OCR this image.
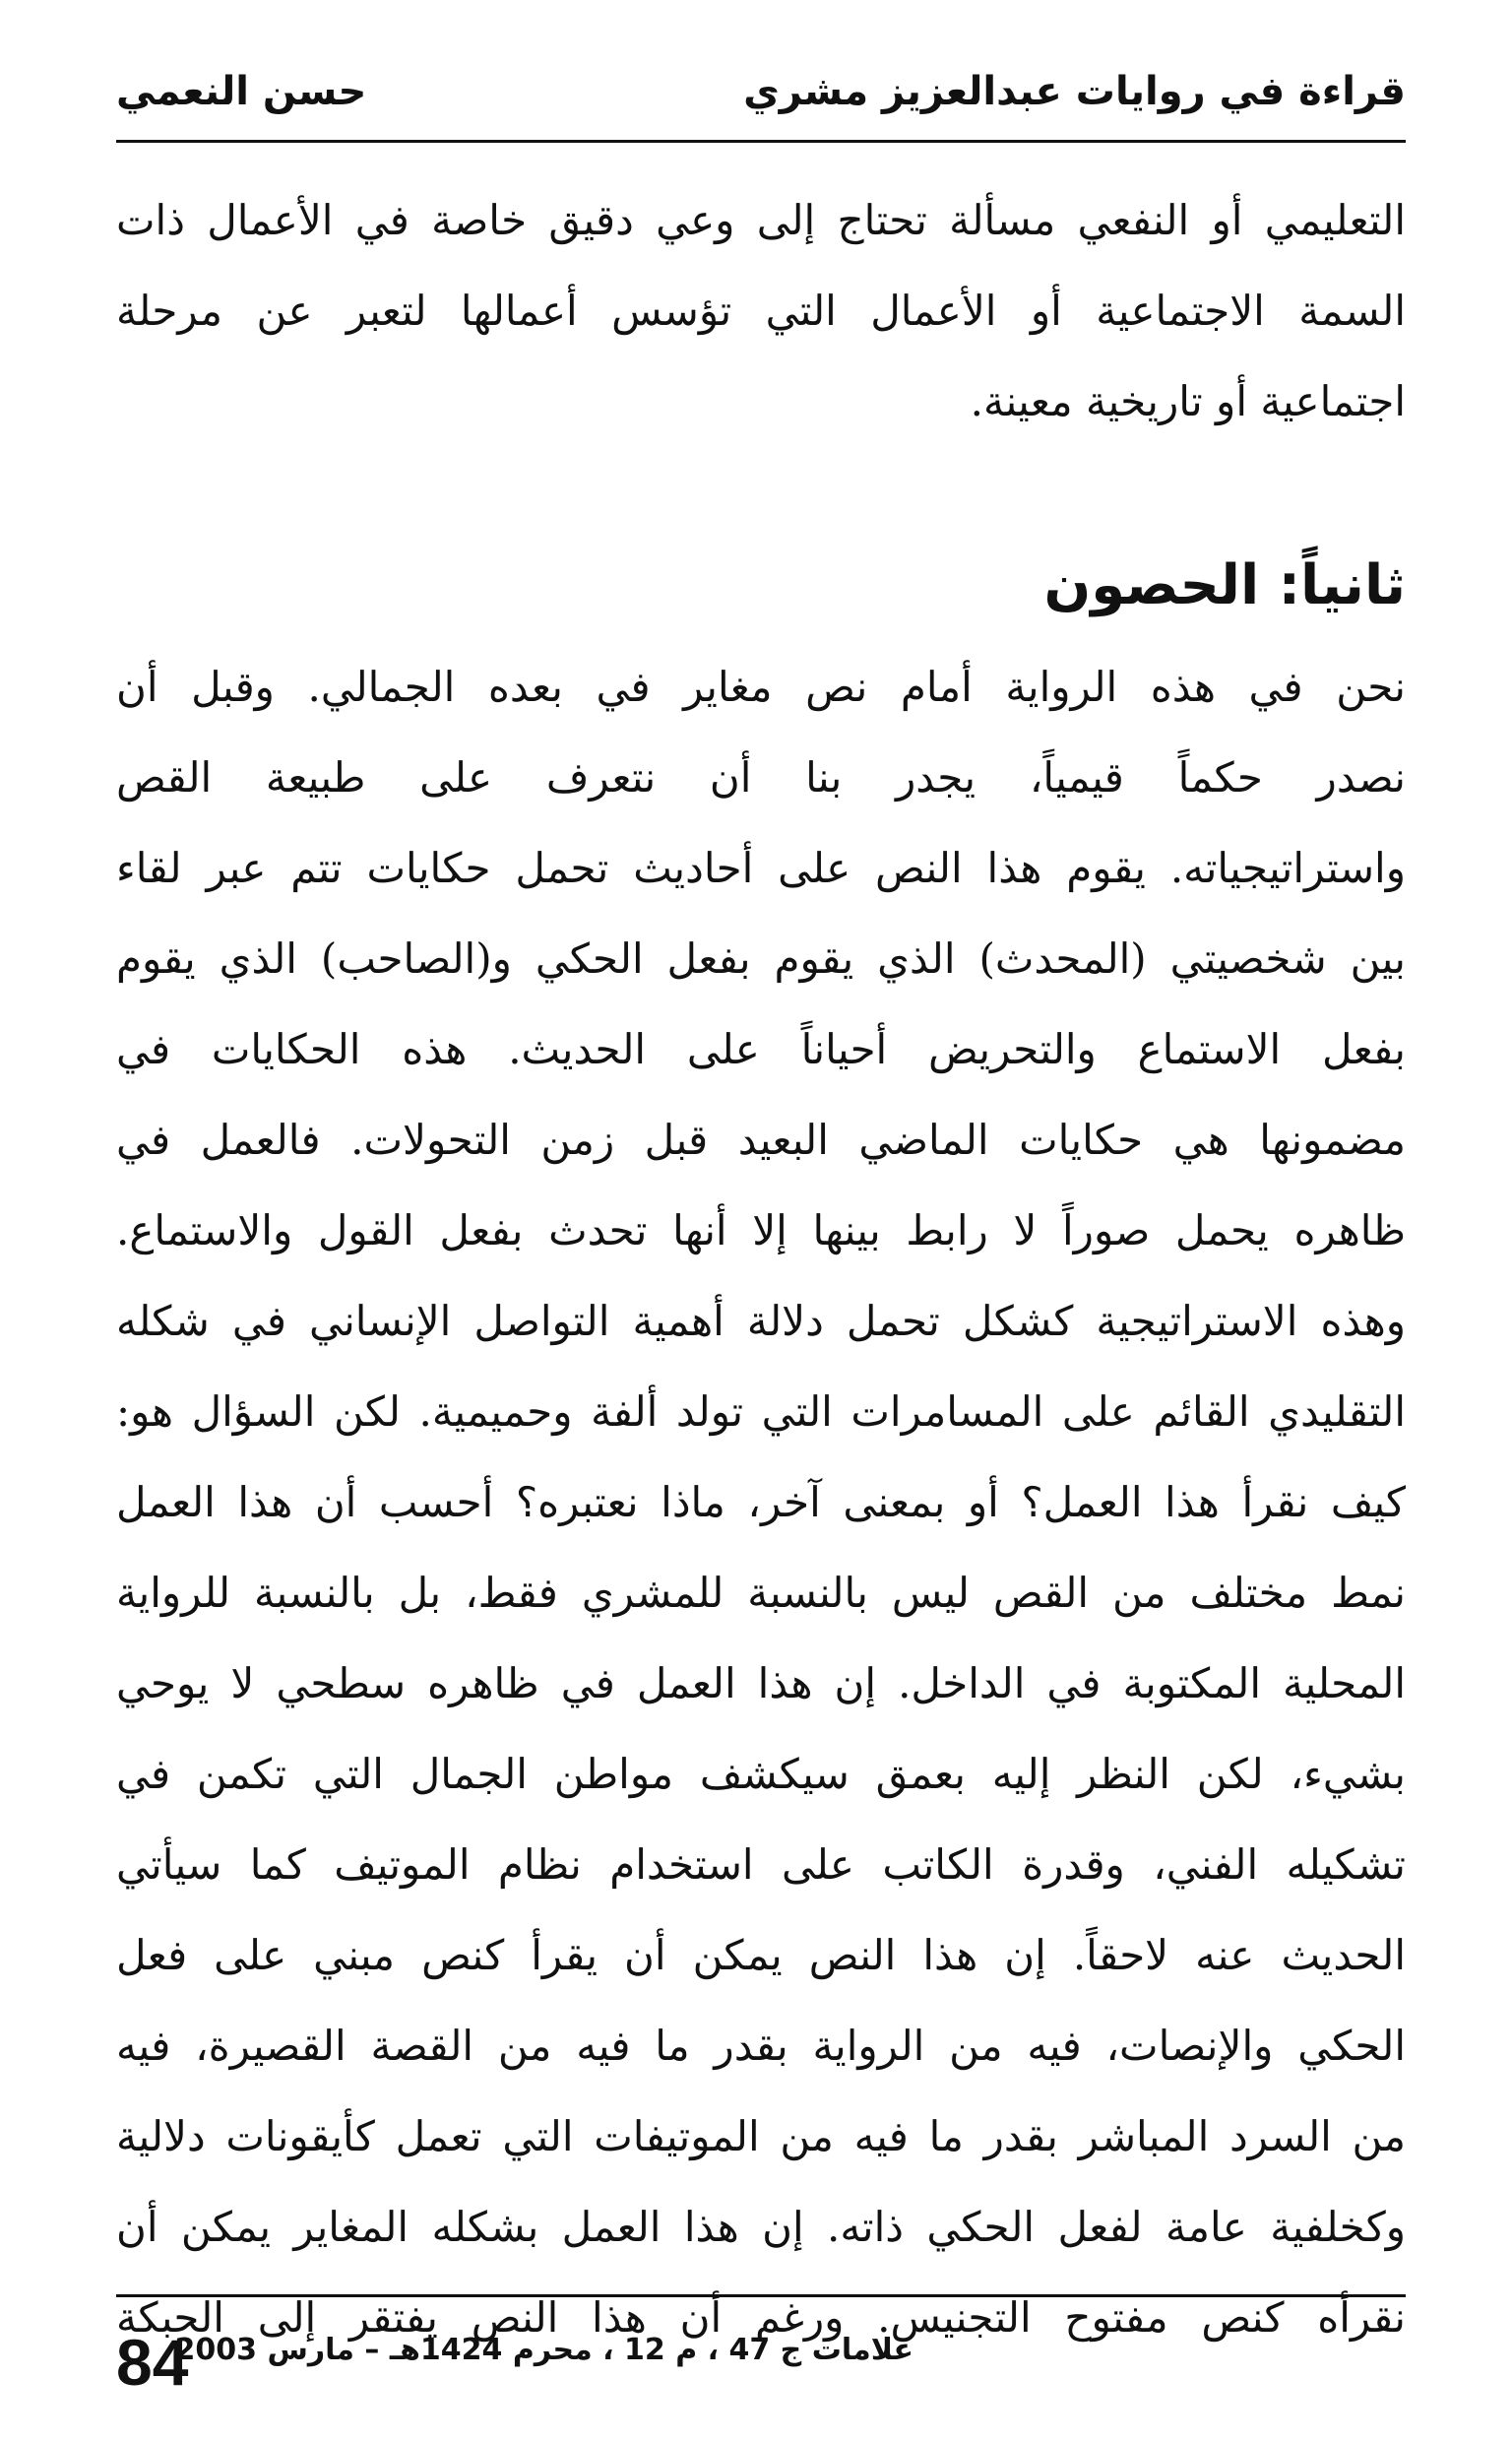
قراءة في روايات عبدالعزيز مشري
حسن النعمي
التعليمي أو النفعي مسألة تحتاج إلى وعي دقيق خاصة في الأعمال ذات
السمة الاجتماعية أو الأعمال التي تؤسس أعمالها لتعبر عن مرحلة
اجتماعية أو تاريخية معينة.
ثانياً: الحصون
نحن في هذه الرواية أمام نص مغاير في بعده الجمالي. وقبل أن
نصدر حكماً قيمياً، يجدر بنا أن نتعرف على طبيعة القص
واستراتيجياته. يقوم هذا النص على أحاديث تحمل حكايات تتم عبر لقاء
بين شخصيتي (المحدث) الذي يقوم بفعل الحكي و(الصاحب) الذي يقوم
بفعل الاستماع والتحريض أحياناً على الحديث. هذه الحكايات في
مضمونها هي حكايات الماضي البعيد قبل زمن التحولات. فالعمل في
ظاهره يحمل صوراً لا رابط بينها إلا أنها تحدث بفعل القول والاستماع.
وهذه الاستراتيجية كشكل تحمل دلالة أهمية التواصل الإنساني في شكله
التقليدي القائم على المسامرات التي تولد ألفة وحميمية. لكن السؤال هو:
كيف نقرأ هذا العمل؟ أو بمعنى آخر، ماذا نعتبره؟ أحسب أن هذا العمل
نمط مختلف من القص ليس بالنسبة للمشري فقط، بل بالنسبة للرواية
المحلية المكتوبة في الداخل. إن هذا العمل في ظاهره سطحي لا يوحي
بشيء، لكن النظر إليه بعمق سيكشف مواطن الجمال التي تكمن في
تشكيله الفني، وقدرة الكاتب على استخدام نظام الموتيف كما سيأتي
الحديث عنه لاحقاً. إن هذا النص يمكن أن يقرأ كنص مبني على فعل
الحكي والإنصات، فيه من الرواية بقدر ما فيه من القصة القصيرة، فيه
من السرد المباشر بقدر ما فيه من الموتيفات التي تعمل كأيقونات دلالية
وكخلفية عامة لفعل الحكي ذاته. إن هذا العمل بشكله المغاير يمكن أن
نقرأه كنص مفتوح التجنيس. ورغم أن هذا النص يفتقر إلى الحبكة
84
علامات ج 47 ، م 12 ، محرم 1424هـ – مارس 2003
